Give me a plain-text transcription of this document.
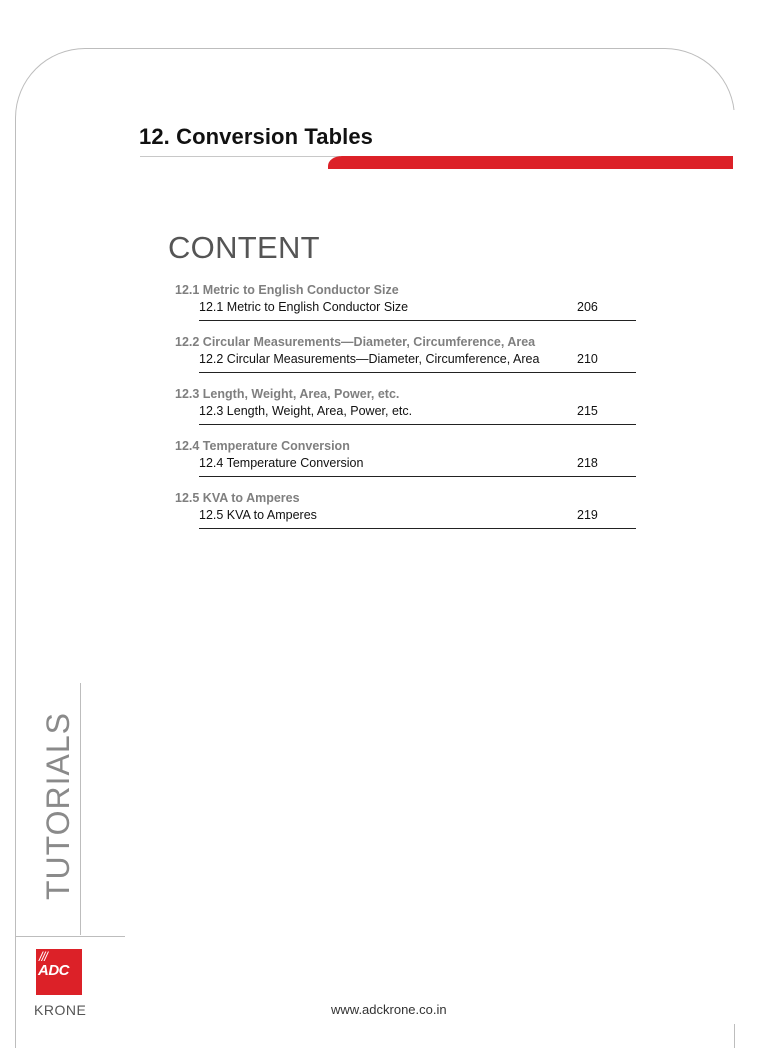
12. Conversion Tables
CONTENT
12.1 Metric to English Conductor Size
12.1 Metric to English Conductor Size	206
12.2 Circular Measurements—Diameter, Circumference, Area
12.2 Circular Measurements—Diameter, Circumference, Area	210
12.3 Length, Weight, Area, Power, etc.
12.3 Length, Weight, Area, Power, etc.	215
12.4 Temperature Conversion
12.4 Temperature Conversion	218
12.5 KVA to Amperes
12.5 KVA to Amperes	219
TUTORIALS
///
ADC
KRONE	www.adckrone.co.in
